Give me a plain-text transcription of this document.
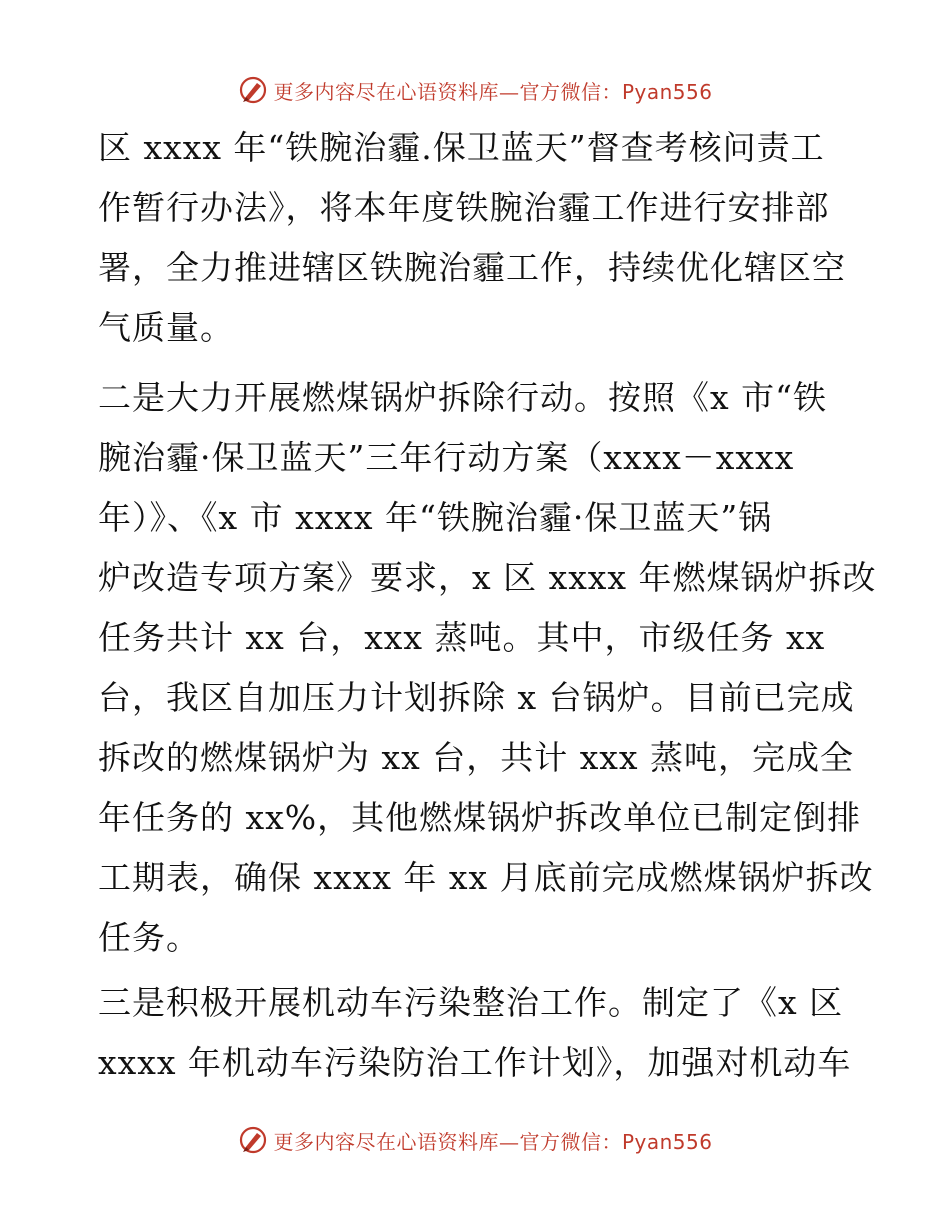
更多内容尽在心语资料库—官方微信：Pyan556
区 xxxx 年“铁腕治霾.保卫蓝天”督查考核问责工
作暂行办法》，将本年度铁腕治霾工作进行安排部
署，全力推进辖区铁腕治霾工作，持续优化辖区空
气质量。
二是大力开展燃煤锅炉拆除行动。按照《x 市“铁
腕治霾·保卫蓝天”三年行动方案（xxxx－xxxx
年）》、《x 市 xxxx 年“铁腕治霾·保卫蓝天”锅
炉改造专项方案》要求，x 区 xxxx 年燃煤锅炉拆改
任务共计 xx 台，xxx 蒸吨。其中，市级任务 xx
台，我区自加压力计划拆除 x 台锅炉。目前已完成
拆改的燃煤锅炉为 xx 台，共计 xxx 蒸吨，完成全
年任务的 xx%，其他燃煤锅炉拆改单位已制定倒排
工期表，确保 xxxx 年 xx 月底前完成燃煤锅炉拆改
任务。
三是积极开展机动车污染整治工作。制定了《x 区
xxxx 年机动车污染防治工作计划》，加强对机动车
更多内容尽在心语资料库—官方微信：Pyan556
